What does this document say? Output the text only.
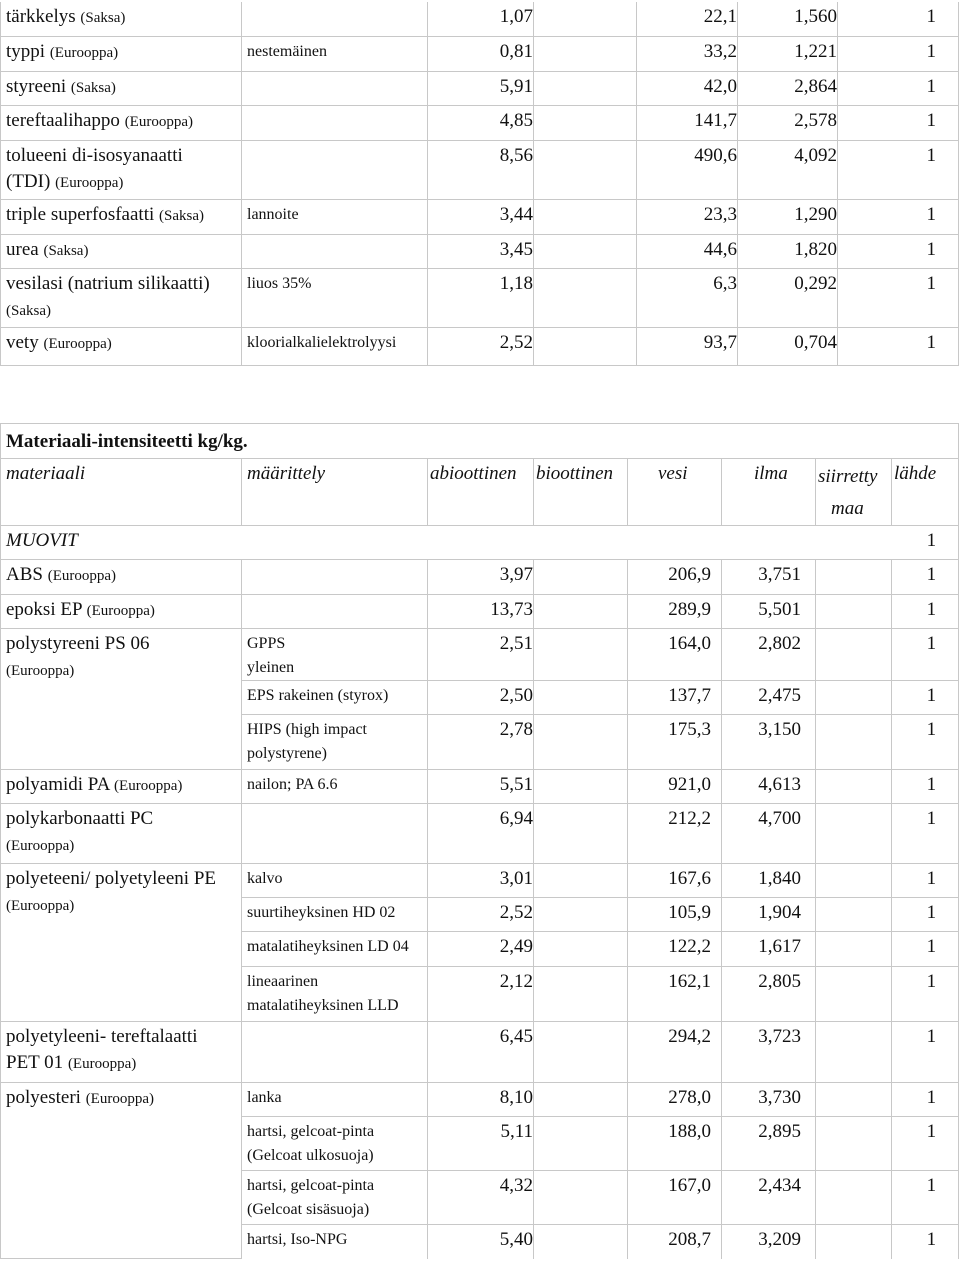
tärkkelys (Saksa)		1,07		22,1	1,560	1

typpi (Eurooppa)	nestemäinen	0,81		33,2	1,221	1

styreeni (Saksa)		5,91		42,0	2,864	1

tereftaalihappo (Eurooppa)		4,85		141,7	2,578	1

tolueeni di-isosyanaatti
(TDI) (Eurooppa)		8,56		490,6	4,092	1

triple superfosfaatti (Saksa)	lannoite	3,44		23,3	1,290	1

urea (Saksa)		3,45		44,6	1,820	1

vesilasi (natrium silikaatti)
(Saksa)	liuos 35%	1,18		6,3	0,292	1

vety (Eurooppa)	kloorialkalielektrolyysi	2,52		93,7	0,704	1
Materiaali-intensiteetti kg/kg.							

materiaali	määrittely	abioottinen	bioottinen	vesi	ilma	siirretty
maa	lähde

MUOVIT							1

ABS (Eurooppa)		3,97		206,9	3,751		1

epoksi EP (Eurooppa)		13,73		289,9	5,501		1

polystyreeni PS 06
(Eurooppa)	GPPS
yleinen	2,51		164,0	2,802		1

	EPS rakeinen (styrox)	2,50		137,7	2,475		1

	HIPS (high impact
polystyrene)	2,78		175,3	3,150		1

polyamidi PA (Eurooppa)	nailon; PA 6.6	5,51		921,0	4,613		1

polykarbonaatti PC
(Eurooppa)		6,94		212,2	4,700		1

polyeteeni/ polyetyleeni PE
(Eurooppa)	kalvo	3,01		167,6	1,840		1

	suurtiheyksinen HD 02	2,52		105,9	1,904		1

	matalatiheyksinen LD 04	2,49		122,2	1,617		1

	lineaarinen
matalatiheyksinen LLD	2,12		162,1	2,805		1

polyetyleeni- tereftalaatti
PET 01 (Eurooppa)		6,45		294,2	3,723		1

polyesteri (Eurooppa)	lanka	8,10		278,0	3,730		1

	hartsi, gelcoat-pinta
(Gelcoat ulkosuoja)	5,11		188,0	2,895		1

	hartsi, gelcoat-pinta
(Gelcoat sisäsuoja)	4,32		167,0	2,434		1

	hartsi, Iso-NPG	5,40		208,7	3,209		1
